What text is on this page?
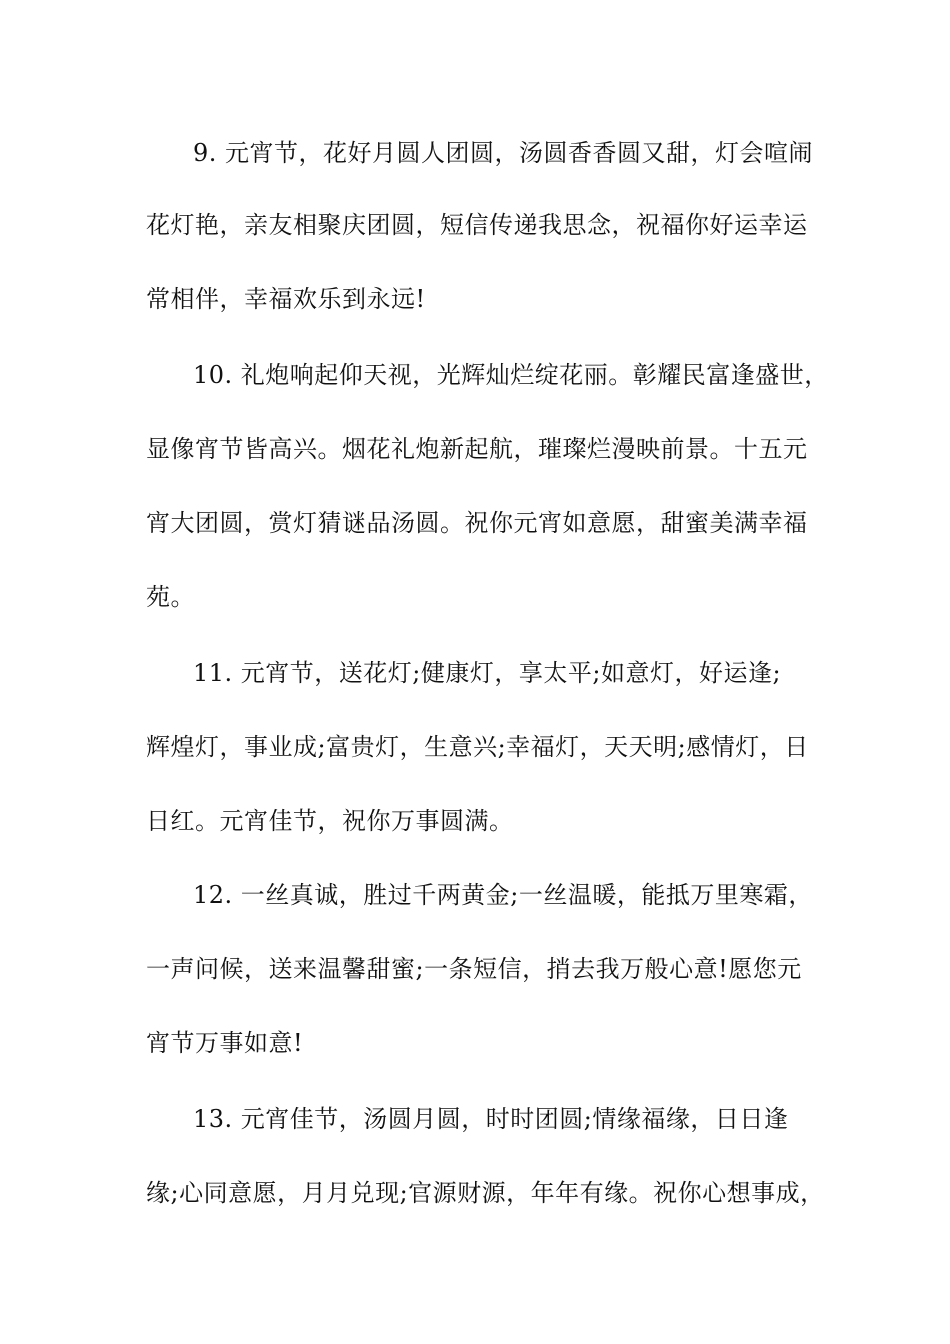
9. 元宵节，花好月圆人团圆，汤圆香香圆又甜，灯会喧闹
花灯艳，亲友相聚庆团圆，短信传递我思念，祝福你好运幸运
常相伴，幸福欢乐到永远!
10. 礼炮响起仰天视，光辉灿烂绽花丽。彰耀民富逢盛世，
显像宵节皆高兴。烟花礼炮新起航，璀璨烂漫映前景。十五元
宵大团圆，赏灯猜谜品汤圆。祝你元宵如意愿，甜蜜美满幸福
苑。
11. 元宵节，送花灯;健康灯，享太平;如意灯，好运逢;
辉煌灯，事业成;富贵灯，生意兴;幸福灯，天天明;感情灯，日
日红。元宵佳节，祝你万事圆满。
12. 一丝真诚，胜过千两黄金;一丝温暖，能抵万里寒霜，
一声问候，送来温馨甜蜜;一条短信，捎去我万般心意!愿您元
宵节万事如意!
13. 元宵佳节，汤圆月圆，时时团圆;情缘福缘，日日逢
缘;心同意愿，月月兑现;官源财源，年年有缘。祝你心想事成，
